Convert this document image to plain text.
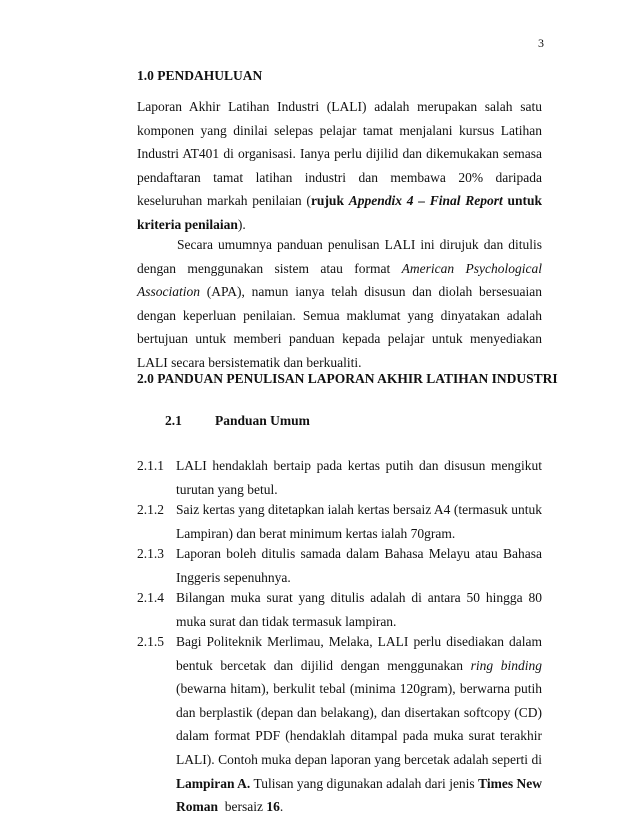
3
1.0 PENDAHULUAN
Laporan Akhir Latihan Industri (LALI) adalah merupakan salah satu komponen yang dinilai selepas pelajar tamat menjalani kursus Latihan Industri AT401 di organisasi. Ianya perlu dijilid dan dikemukakan semasa pendaftaran tamat latihan industri dan membawa 20% daripada keseluruhan markah penilaian (rujuk Appendix 4 – Final Report untuk kriteria penilaian).
Secara umumnya panduan penulisan LALI ini dirujuk dan ditulis dengan menggunakan sistem atau format American Psychological Association (APA), namun ianya telah disusun dan diolah bersesuaian dengan keperluan penilaian. Semua maklumat yang dinyatakan adalah bertujuan untuk memberi panduan kepada pelajar untuk menyediakan LALI secara bersistematik dan berkualiti.
2.0 PANDUAN PENULISAN LAPORAN AKHIR LATIHAN INDUSTRI
2.1 Panduan Umum
2.1.1 LALI hendaklah bertaip pada kertas putih dan disusun mengikut turutan yang betul.
2.1.2 Saiz kertas yang ditetapkan ialah kertas bersaiz A4 (termasuk untuk Lampiran) dan berat minimum kertas ialah 70gram.
2.1.3 Laporan boleh ditulis samada dalam Bahasa Melayu atau Bahasa Inggeris sepenuhnya.
2.1.4 Bilangan muka surat yang ditulis adalah di antara 50 hingga 80 muka surat dan tidak termasuk lampiran.
2.1.5 Bagi Politeknik Merlimau, Melaka, LALI perlu disediakan dalam bentuk bercetak dan dijilid dengan menggunakan ring binding (bewarna hitam), berkulit tebal (minima 120gram), berwarna putih dan berplastik (depan dan belakang), dan disertakan softcopy (CD) dalam format PDF (hendaklah ditampal pada muka surat terakhir LALI). Contoh muka depan laporan yang bercetak adalah seperti di Lampiran A. Tulisan yang digunakan adalah dari jenis Times New Roman  bersaiz 16.
